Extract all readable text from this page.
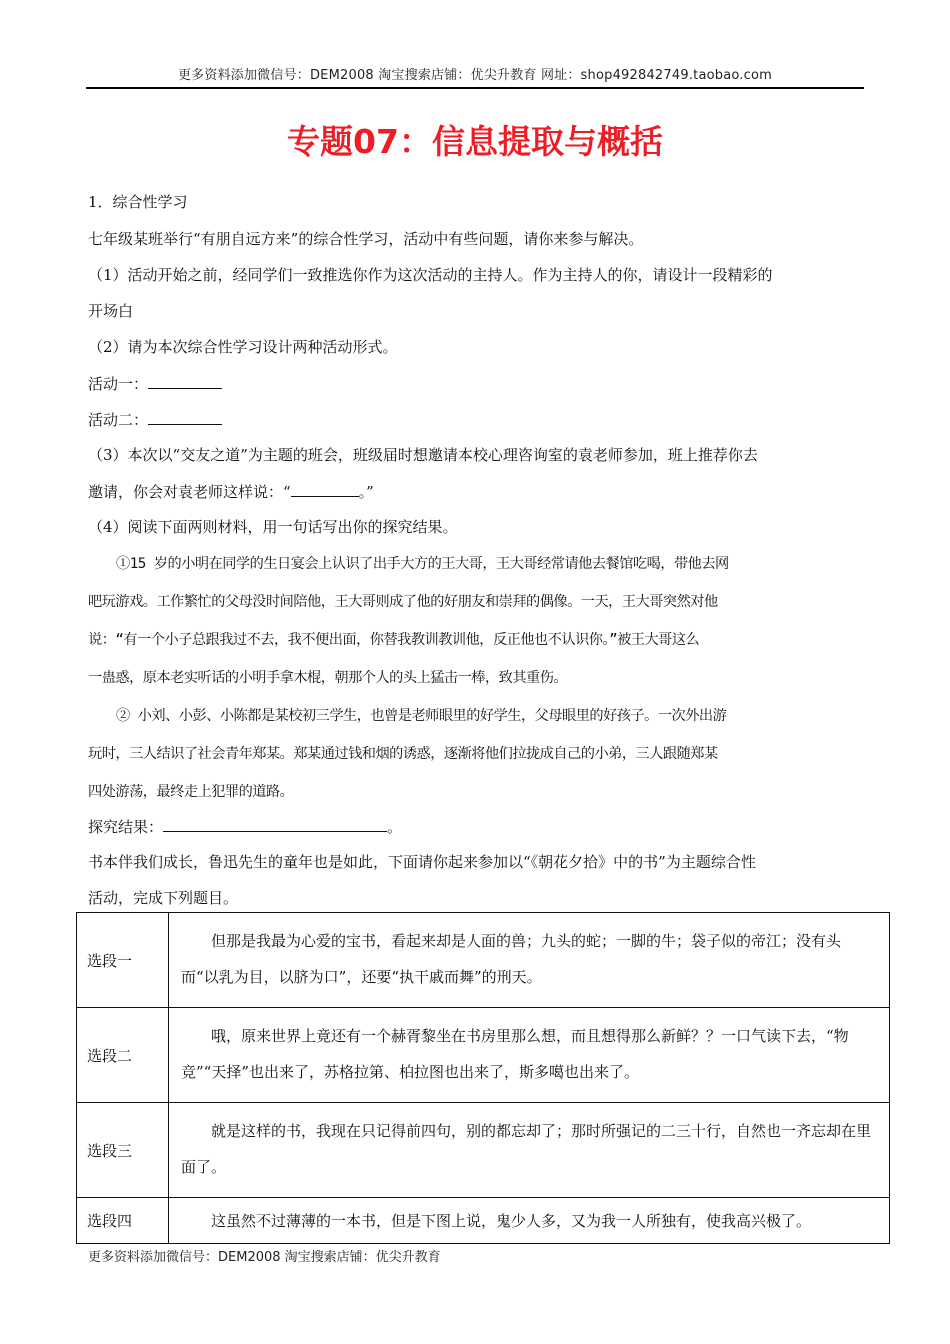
更多资料添加微信号：DEM2008 淘宝搜索店铺：优尖升教育 网址：shop492842749.taobao.com
专题07：信息提取与概括
1．综合性学习
七年级某班举行“有朋自远方来”的综合性学习，活动中有些问题，请你来参与解决。
（1）活动开始之前，经同学们一致推选你作为这次活动的主持人。作为主持人的你，请设计一段精彩的
开场白
（2）请为本次综合性学习设计两种活动形式。
活动一：
活动二：
（3）本次以“交友之道”为主题的班会，班级届时想邀请本校心理咨询室的袁老师参加，班上推荐你去
邀请，你会对袁老师这样说：“	。”
（4）阅读下面两则材料，用一句话写出你的探究结果。
①15 岁的小明在同学的生日宴会上认识了出手大方的王大哥，王大哥经常请他去餐馆吃喝，带他去网
吧玩游戏。工作繁忙的父母没时间陪他，王大哥则成了他的好朋友和崇拜的偶像。一天，王大哥突然对他
说：“有一个小子总跟我过不去，我不便出面，你替我教训教训他，反正他也不认识你。”被王大哥这么
一蛊惑，原本老实听话的小明手拿木棍，朝那个人的头上猛击一棒，致其重伤。
② 小刘、小彭、小陈都是某校初三学生，也曾是老师眼里的好学生，父母眼里的好孩子。一次外出游
玩时，三人结识了社会青年郑某。郑某通过钱和烟的诱惑，逐渐将他们拉拢成自己的小弟，三人跟随郑某
四处游荡，最终走上犯罪的道路。
探究结果：	。
书本伴我们成长，鲁迅先生的童年也是如此，下面请你起来参加以“《朝花夕拾》中的书”为主题综合性
活动，完成下列题目。
选段一	但那是我最为心爱的宝书，看起来却是人面的兽；九头的蛇；一脚的牛；袋子似的帝江；没有头而“以乳为目，以脐为口”，还要“执干戚而舞”的刑天。
选段二	哦，原来世界上竟还有一个赫胥黎坐在书房里那么想，而且想得那么新鲜？？一口气读下去，“物竞”“天择”也出来了，苏格拉第、柏拉图也出来了，斯多噶也出来了。
选段三	就是这样的书，我现在只记得前四句，别的都忘却了；那时所强记的二三十行，自然也一齐忘却在里面了。
选段四	这虽然不过薄薄的一本书，但是下图上说，鬼少人多，又为我一人所独有，使我高兴极了。
更多资料添加微信号：DEM2008 淘宝搜索店铺：优尖升教育
